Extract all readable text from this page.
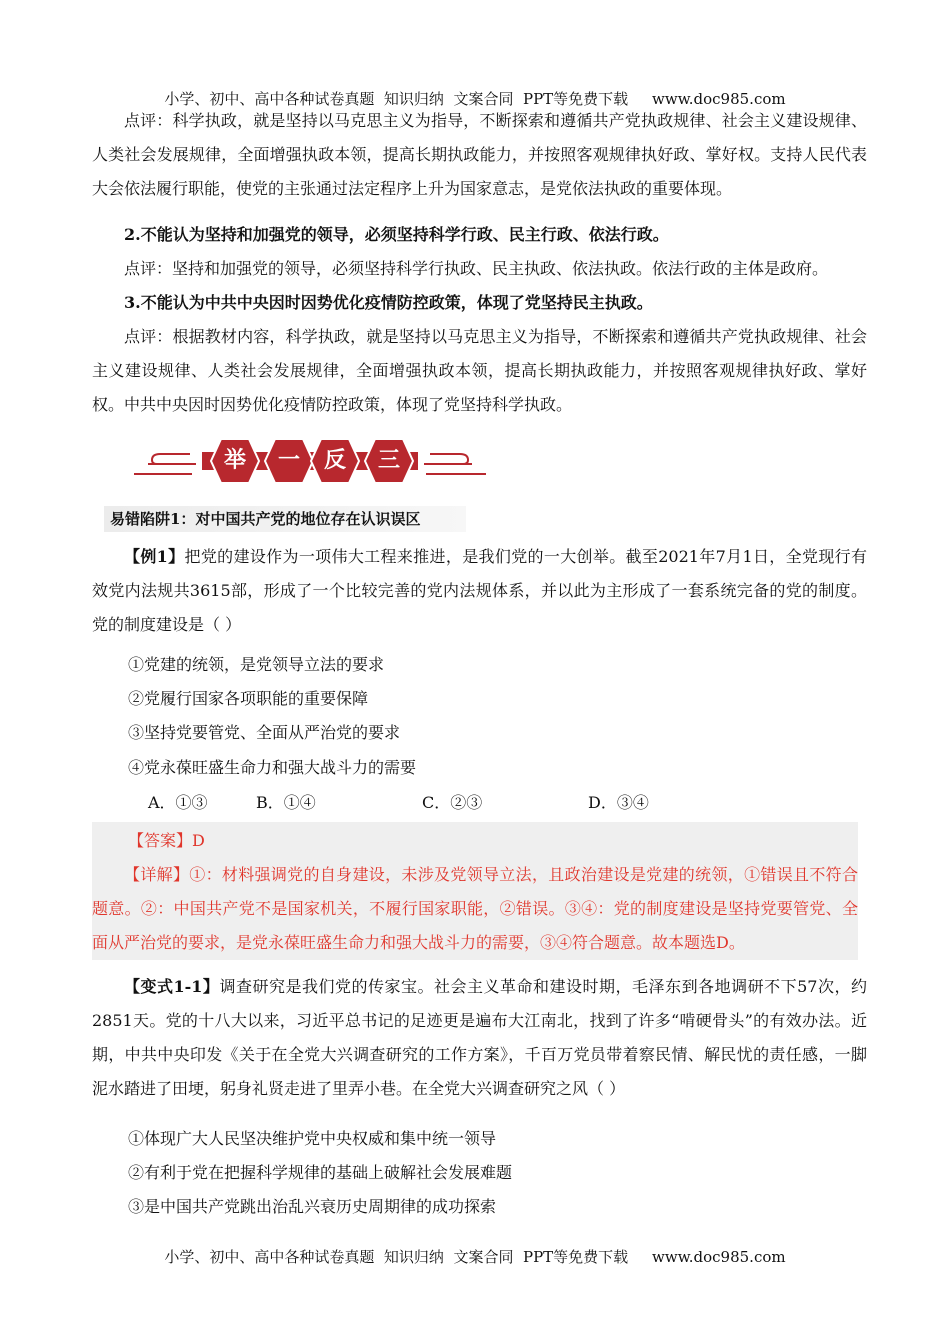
小学、初中、高中各种试卷真题  知识归纳  文案合同  PPT等免费下载     www.doc985.com
点评：科学执政，就是坚持以马克思主义为指导，不断探索和遵循共产党执政规律、社会主义建设规律、人类社会发展规律，全面增强执政本领，提高长期执政能力，并按照客观规律执好政、掌好权。支持人民代表大会依法履行职能，使党的主张通过法定程序上升为国家意志，是党依法执政的重要体现。
2.不能认为坚持和加强党的领导，必须坚持科学行政、民主行政、依法行政。
点评：坚持和加强党的领导，必须坚持科学行执政、民主执政、依法执政。依法行政的主体是政府。
3.不能认为中共中央因时因势优化疫情防控政策，体现了党坚持民主执政。
点评：根据教材内容，科学执政，就是坚持以马克思主义为指导，不断探索和遵循共产党执政规律、社会主义建设规律、人类社会发展规律，全面增强执政本领，提高长期执政能力，并按照客观规律执好政、掌好权。中共中央因时因势优化疫情防控政策，体现了党坚持科学执政。
举	一	反	三
易错陷阱1：对中国共产党的地位存在认识误区
【例1】把党的建设作为一项伟大工程来推进，是我们党的一大创举。截至2021年7月1日，全党现行有效党内法规共3615部，形成了一个比较完善的党内法规体系，并以此为主形成了一套系统完备的党的制度。党的制度建设是（ ）
①党建的统领，是党领导立法的要求
②党履行国家各项职能的重要保障
③坚持党要管党、全面从严治党的要求
④党永葆旺盛生命力和强大战斗力的需要
A．①③	B．①④	C．②③	D．③④
【答案】D
【详解】①：材料强调党的自身建设，未涉及党领导立法，且政治建设是党建的统领，①错误且不符合题意。②：中国共产党不是国家机关，不履行国家职能，②错误。③④：党的制度建设是坚持党要管党、全面从严治党的要求，是党永葆旺盛生命力和强大战斗力的需要，③④符合题意。故本题选D。
【变式1-1】调查研究是我们党的传家宝。社会主义革命和建设时期，毛泽东到各地调研不下57次，约2851天。党的十八大以来，习近平总书记的足迹更是遍布大江南北，找到了许多“啃硬骨头”的有效办法。近期，中共中央印发《关于在全党大兴调查研究的工作方案》，千百万党员带着察民情、解民忧的责任感，一脚泥水踏进了田埂，躬身礼贤走进了里弄小巷。在全党大兴调查研究之风（ ）
①体现广大人民坚决维护党中央权威和集中统一领导
②有利于党在把握科学规律的基础上破解社会发展难题
③是中国共产党跳出治乱兴衰历史周期律的成功探索
小学、初中、高中各种试卷真题  知识归纳  文案合同  PPT等免费下载     www.doc985.com
